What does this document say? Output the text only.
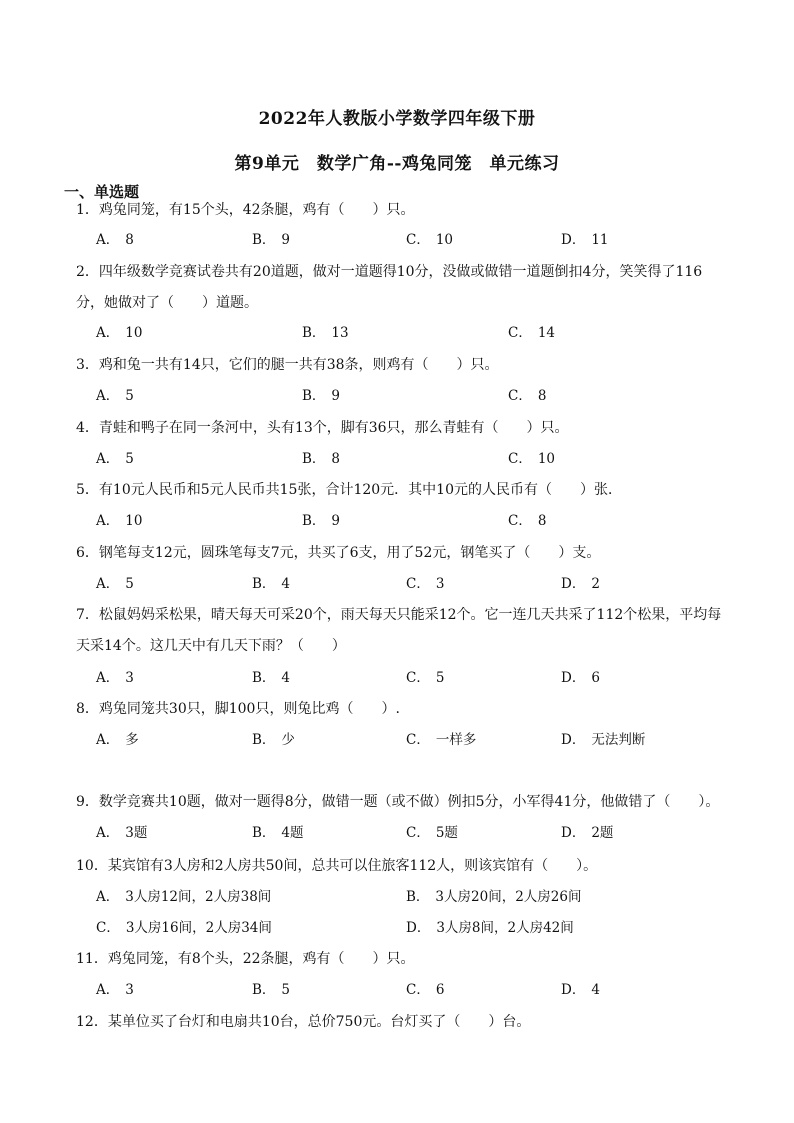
2022年人教版小学数学四年级下册
第9单元　数学广角--鸡兔同笼　单元练习
一、单选题
1．鸡兔同笼，有15个头，42条腿，鸡有（　　）只。
A． 8	B． 9	C． 10	D． 11
2．四年级数学竞赛试卷共有20道题，做对一道题得10分，没做或做错一道题倒扣4分，笑笑得了116分，她做对了（　　）道题。
A． 10	B． 13	C． 14
3．鸡和兔一共有14只，它们的腿一共有38条，则鸡有（　　）只。
A． 5	B． 9	C． 8
4．青蛙和鸭子在同一条河中，头有13个，脚有36只，那么青蛙有（　　）只。
A． 5	B． 8	C． 10
5．有10元人民币和5元人民币共15张，合计120元．其中10元的人民币有（　　）张．
A． 10	B． 9	C． 8
6．钢笔每支12元，圆珠笔每支7元，共买了6支，用了52元，钢笔买了（　　）支。
A． 5	B． 4	C． 3	D． 2
7．松鼠妈妈采松果，晴天每天可采20个，雨天每天只能采12个。它一连几天共采了112个松果，平均每天采14个。这几天中有几天下雨？（　　）
A． 3	B． 4	C． 5	D． 6
8．鸡兔同笼共30只，脚100只，则兔比鸡（　　）.
A． 多	B． 少	C． 一样多	D． 无法判断
9．数学竞赛共10题，做对一题得8分，做错一题（或不做）例扣5分，小军得41分，他做错了（　　）。
A． 3题	B． 4题	C． 5题	D． 2题
10．某宾馆有3人房和2人房共50间，总共可以住旅客112人，则该宾馆有（　　）。
A． 3人房12间，2人房38间	B． 3人房20间，2人房26间
C． 3人房16间，2人房34间	D． 3人房8间，2人房42间
11．鸡兔同笼，有8个头，22条腿，鸡有（　　）只。
A． 3	B． 5	C． 6	D． 4
12．某单位买了台灯和电扇共10台，总价750元。台灯买了（　　）台。
